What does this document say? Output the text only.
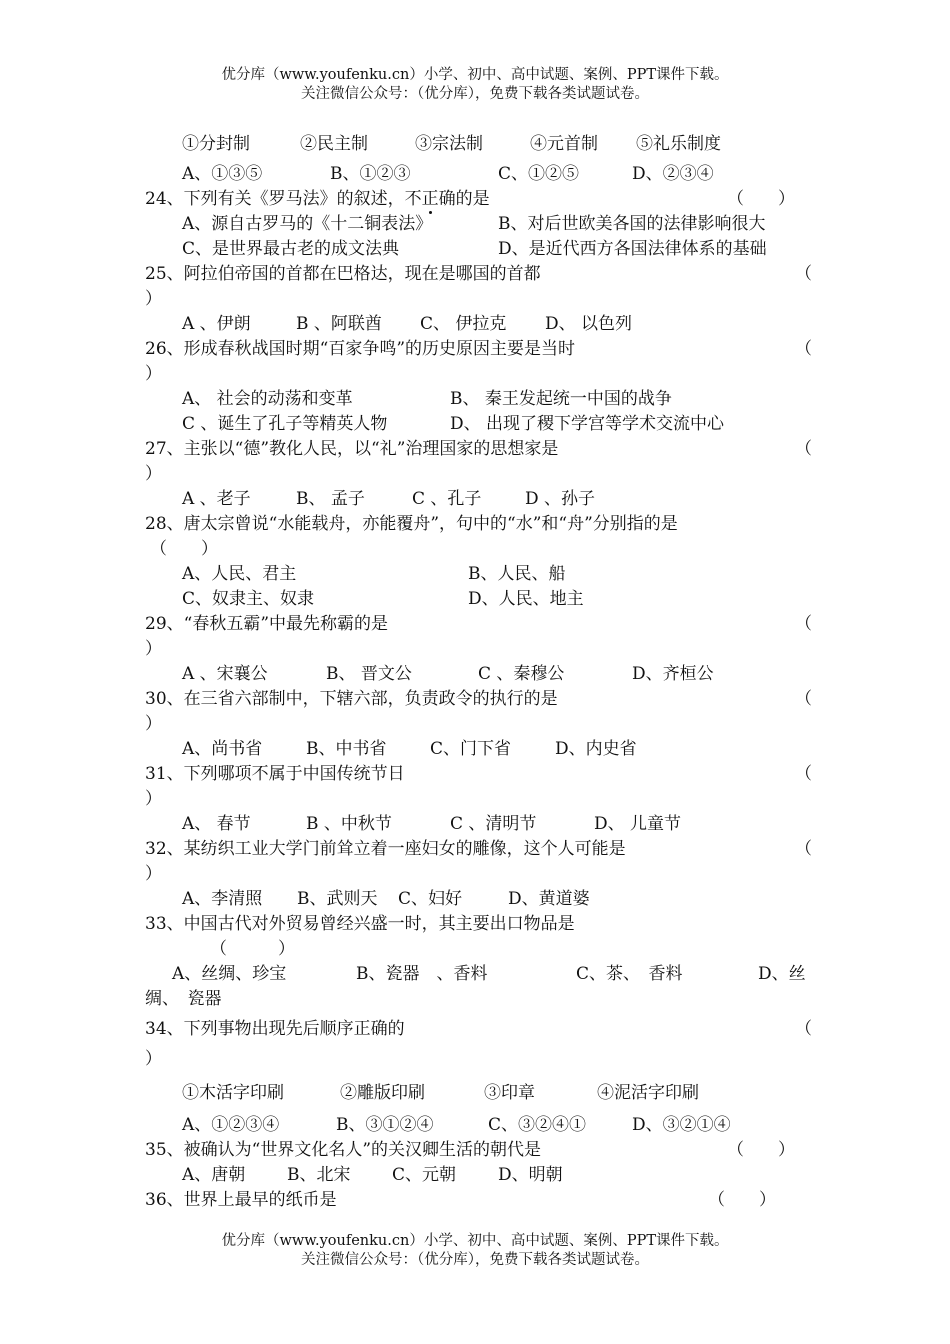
优分库（www.youfenku.cn）小学、初中、高中试题、案例、PPT课件下载。
关注微信公众号：（优分库），免费下载各类试题试卷。
①分封制	②民主制	③宗法制	④元首制 ⑤礼乐制度
A、①③⑤	B、①②③	C、①②⑤	D、②③④
24、下列有关《罗马法》的叙述，不正确的是	（　　）
A、源自古罗马的《十二铜表法》	B、对后世欧美各国的法律影响很大
C、是世界最古老的成文法典	D、是近代西方各国法律体系的基础
25、阿拉伯帝国的首都在巴格达，现在是哪国的首都	（
）
A 、伊朗	B 、阿联酋 C、 伊拉克 D、 以色列
26、形成春秋战国时期“百家争鸣”的历史原因主要是当时	（
）
A、 社会的动荡和变革	B、 秦王发起统一中国的战争
C 、诞生了孔子等精英人物	D、 出现了稷下学宫等学术交流中心
27、主张以“德”教化人民，以“礼”治理国家的思想家是	（
）
A 、老子	B、 孟子	C 、孔子	D 、孙子
28、唐太宗曾说“水能载舟，亦能覆舟”，句中的“水”和“舟”分别指的是
（　　）
A、人民、君主	B、人民、船
C、奴隶主、奴隶	D、人民、地主
29、“春秋五霸”中最先称霸的是	（
）
A 、宋襄公	B、 晋文公	C 、秦穆公	D、齐桓公
30、在三省六部制中，下辖六部，负责政令的执行的是	（
）
A、尚书省	B、中书省	C、门下省	D、内史省
31、下列哪项不属于中国传统节日	（
）
A、 春节	B 、中秋节	C 、清明节	D、 儿童节
32、某纺织工业大学门前耸立着一座妇女的雕像，这个人可能是	（
）
A、李清照 B、武则天 C、妇好	D、黄道婆
33、中国古代对外贸易曾经兴盛一时，其主要出口物品是
（　　　）
A、丝绸、珍宝	B、瓷器　、香料	C、茶、　香料	D、丝
绸、　瓷器
34、下列事物出现先后顺序正确的	（
）
①木活字印刷	②雕版印刷	③印章	④泥活字印刷
A、①②③④	B、③①②④	C、③②④①	D、③②①④
35、被确认为“世界文化名人”的关汉卿生活的朝代是	（　　）
A、唐朝 B、北宋 C、元朝 D、明朝
36、世界上最早的纸币是	（　　）
优分库（www.youfenku.cn）小学、初中、高中试题、案例、PPT课件下载。
关注微信公众号：（优分库），免费下载各类试题试卷。
